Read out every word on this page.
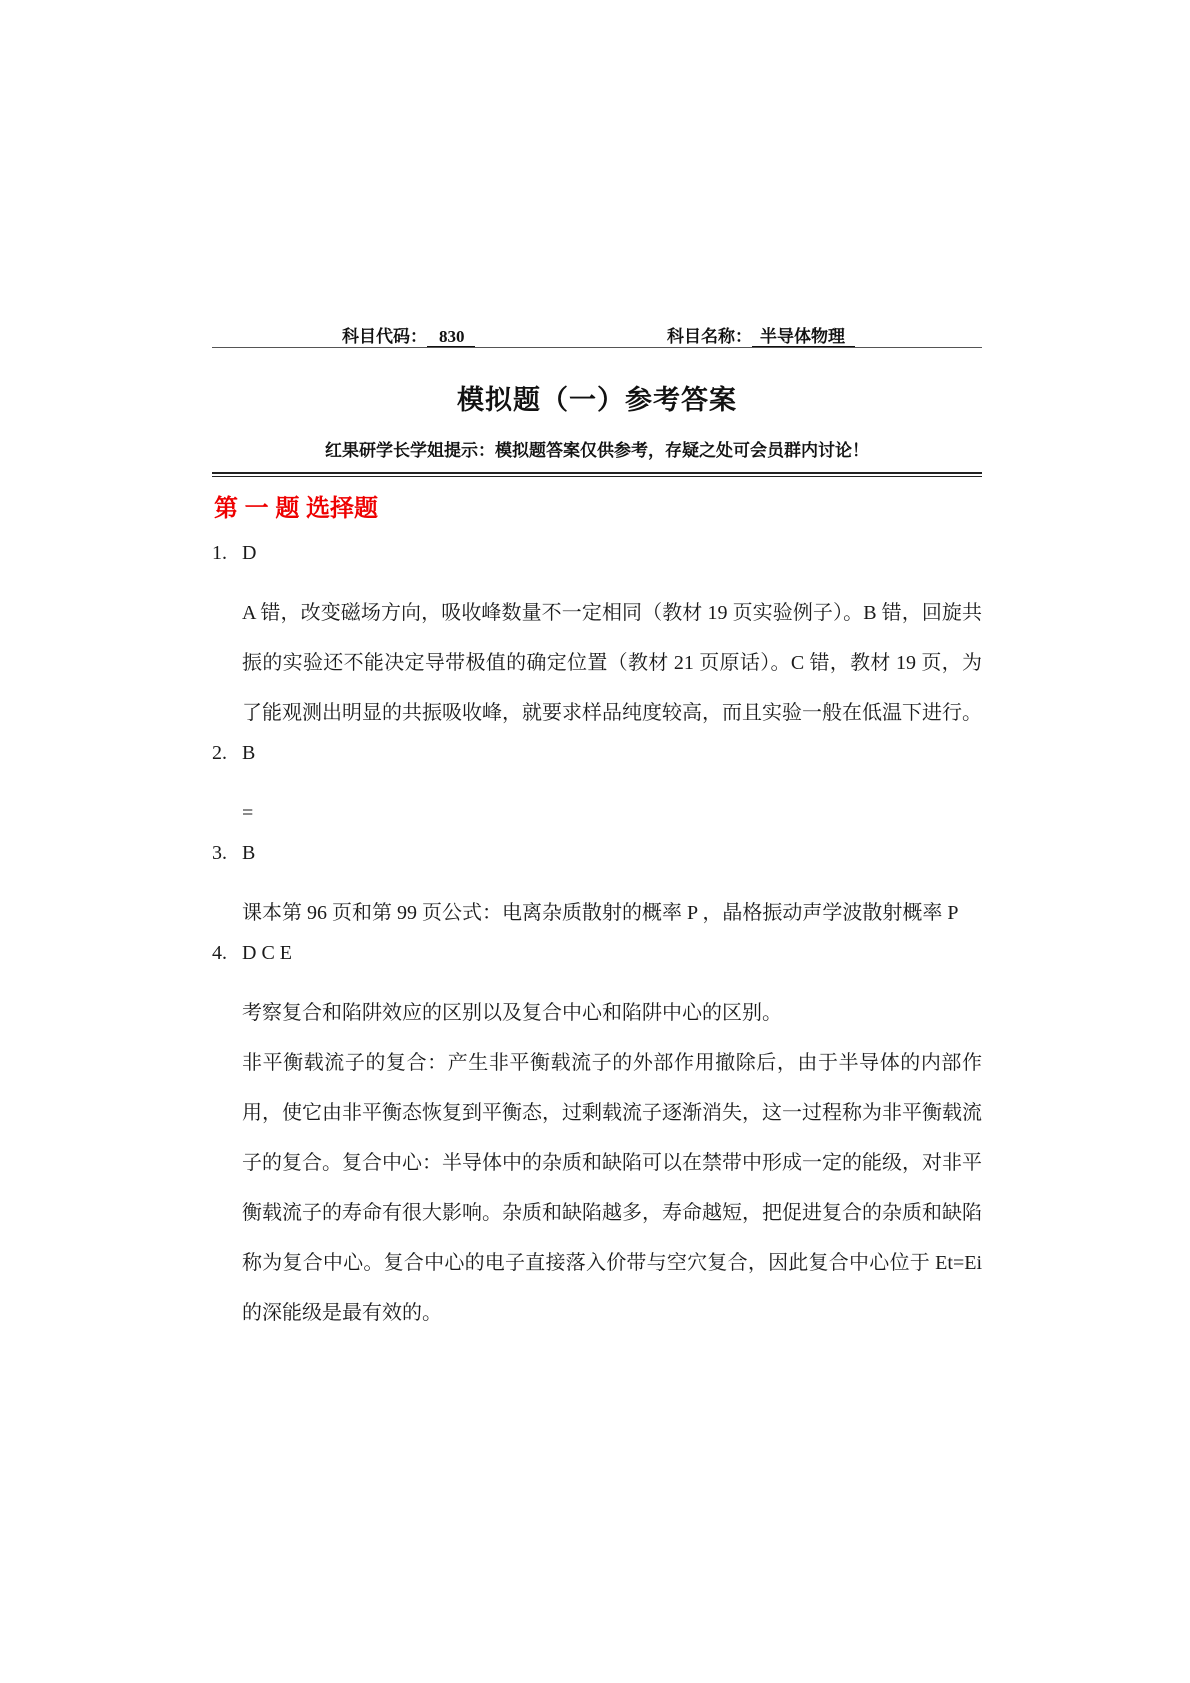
科目代码： 830	科目名称： 半导体物理
模拟题（一）参考答案
红果研学长学姐提示：模拟题答案仅供参考，存疑之处可会员群内讨论！
第 一 题 选择题
1. D

A 错，改变磁场方向，吸收峰数量不一定相同（教材 19 页实验例子）。B 错，回旋共振的实验还不能决定导带极值的确定位置（教材 21 页原话）。C 错，教材 19 页，为了能观测出明显的共振吸收峰，就要求样品纯度较高，而且实验一般在低温下进行。

2. B

=

3. B

课本第 96 页和第 99 页公式：电离杂质散射的概率 P ，晶格振动声学波散射概率 P

4. D C E

考察复合和陷阱效应的区别以及复合中心和陷阱中心的区别。

非平衡载流子的复合：产生非平衡载流子的外部作用撤除后，由于半导体的内部作用，使它由非平衡态恢复到平衡态，过剩载流子逐渐消失，这一过程称为非平衡载流子的复合。复合中心：半导体中的杂质和缺陷可以在禁带中形成一定的能级，对非平衡载流子的寿命有很大影响。杂质和缺陷越多，寿命越短，把促进复合的杂质和缺陷称为复合中心。复合中心的电子直接落入价带与空穴复合，因此复合中心位于 Et=Ei 的深能级是最有效的。
